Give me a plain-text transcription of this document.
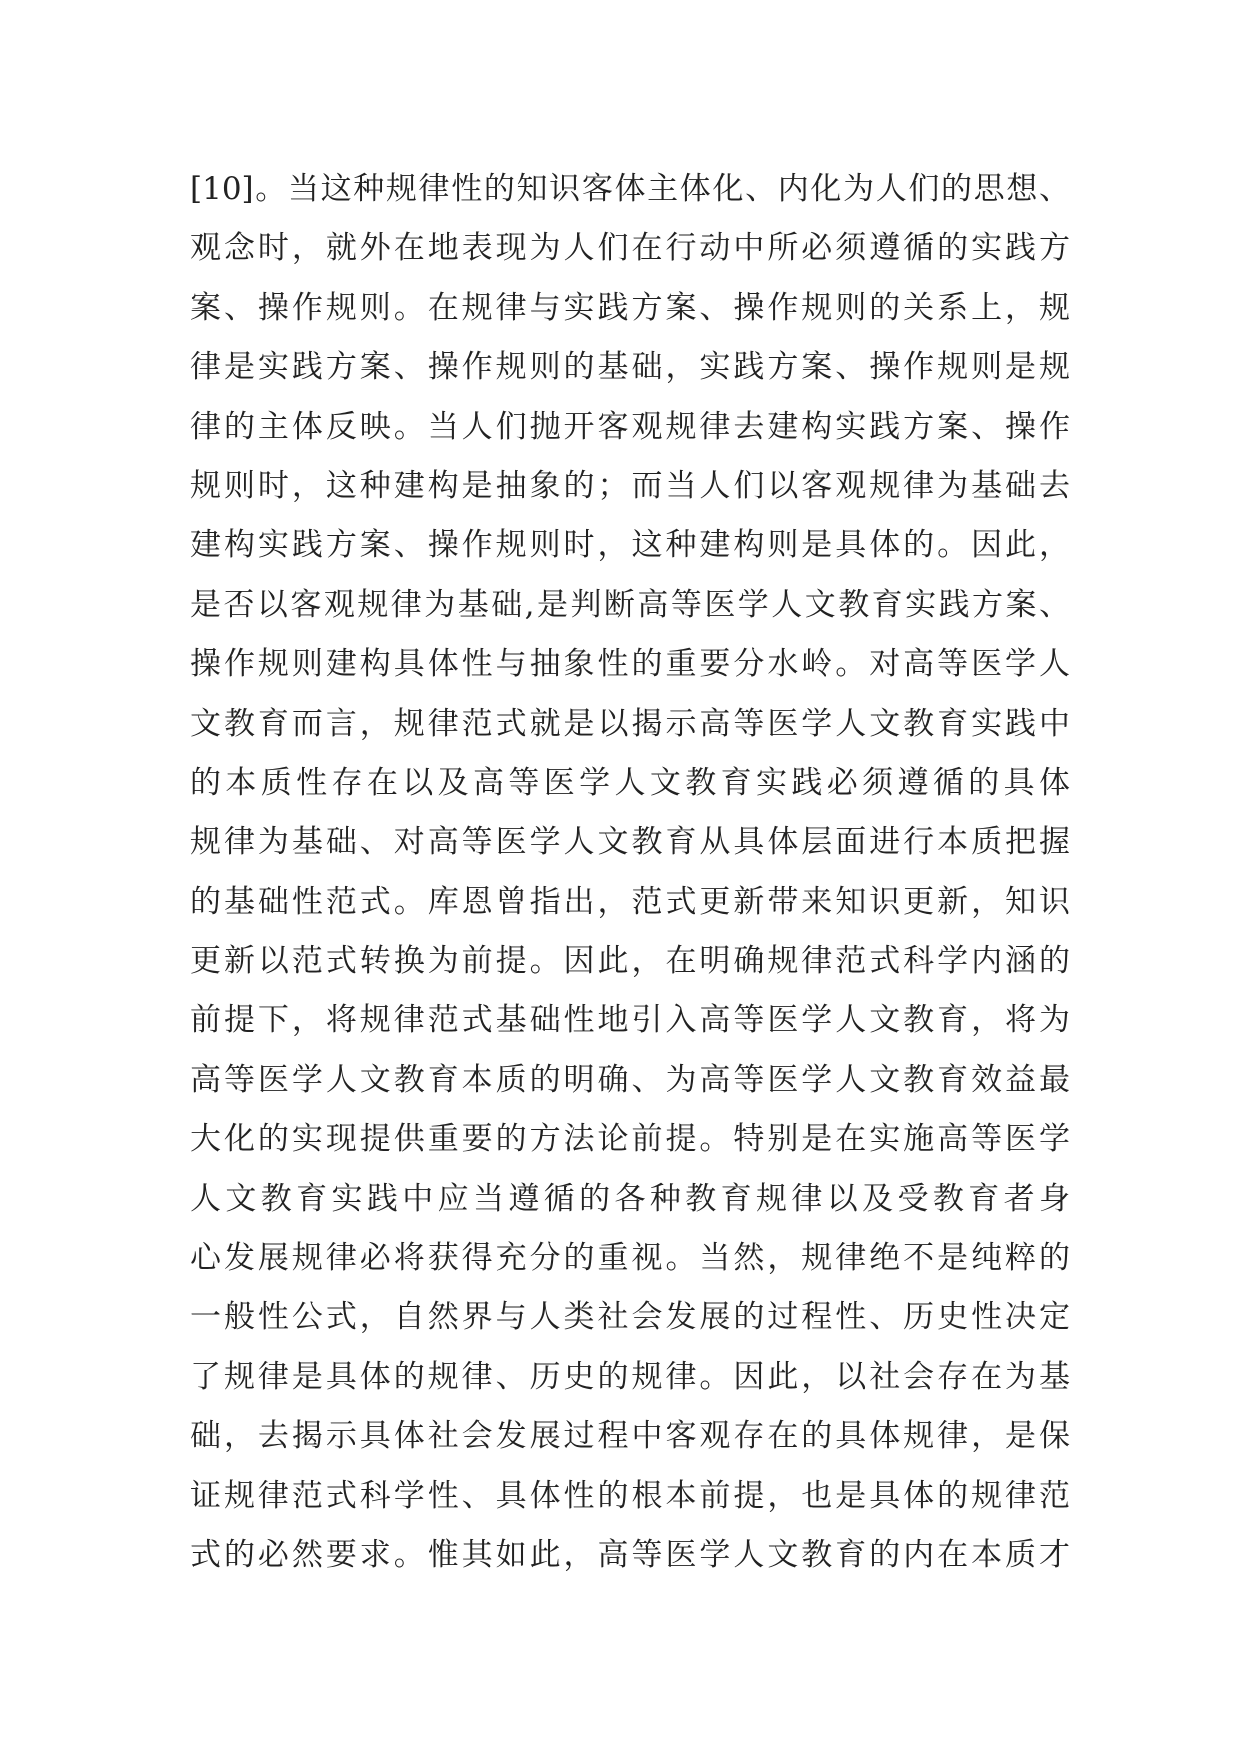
[10]。当这种规律性的知识客体主体化、内化为人们的思想、
观念时，就外在地表现为人们在行动中所必须遵循的实践方
案、操作规则。在规律与实践方案、操作规则的关系上，规
律是实践方案、操作规则的基础，实践方案、操作规则是规
律的主体反映。当人们抛开客观规律去建构实践方案、操作
规则时，这种建构是抽象的；而当人们以客观规律为基础去
建构实践方案、操作规则时，这种建构则是具体的。因此，
是否以客观规律为基础,是判断高等医学人文教育实践方案、
操作规则建构具体性与抽象性的重要分水岭。对高等医学人
文教育而言，规律范式就是以揭示高等医学人文教育实践中
的本质性存在以及高等医学人文教育实践必须遵循的具体
规律为基础、对高等医学人文教育从具体层面进行本质把握
的基础性范式。库恩曾指出，范式更新带来知识更新，知识
更新以范式转换为前提。因此，在明确规律范式科学内涵的
前提下，将规律范式基础性地引入高等医学人文教育，将为
高等医学人文教育本质的明确、为高等医学人文教育效益最
大化的实现提供重要的方法论前提。特别是在实施高等医学
人文教育实践中应当遵循的各种教育规律以及受教育者身
心发展规律必将获得充分的重视。当然，规律绝不是纯粹的
一般性公式，自然界与人类社会发展的过程性、历史性决定
了规律是具体的规律、历史的规律。因此，以社会存在为基
础，去揭示具体社会发展过程中客观存在的具体规律，是保
证规律范式科学性、具体性的根本前提，也是具体的规律范
式的必然要求。惟其如此，高等医学人文教育的内在本质才
